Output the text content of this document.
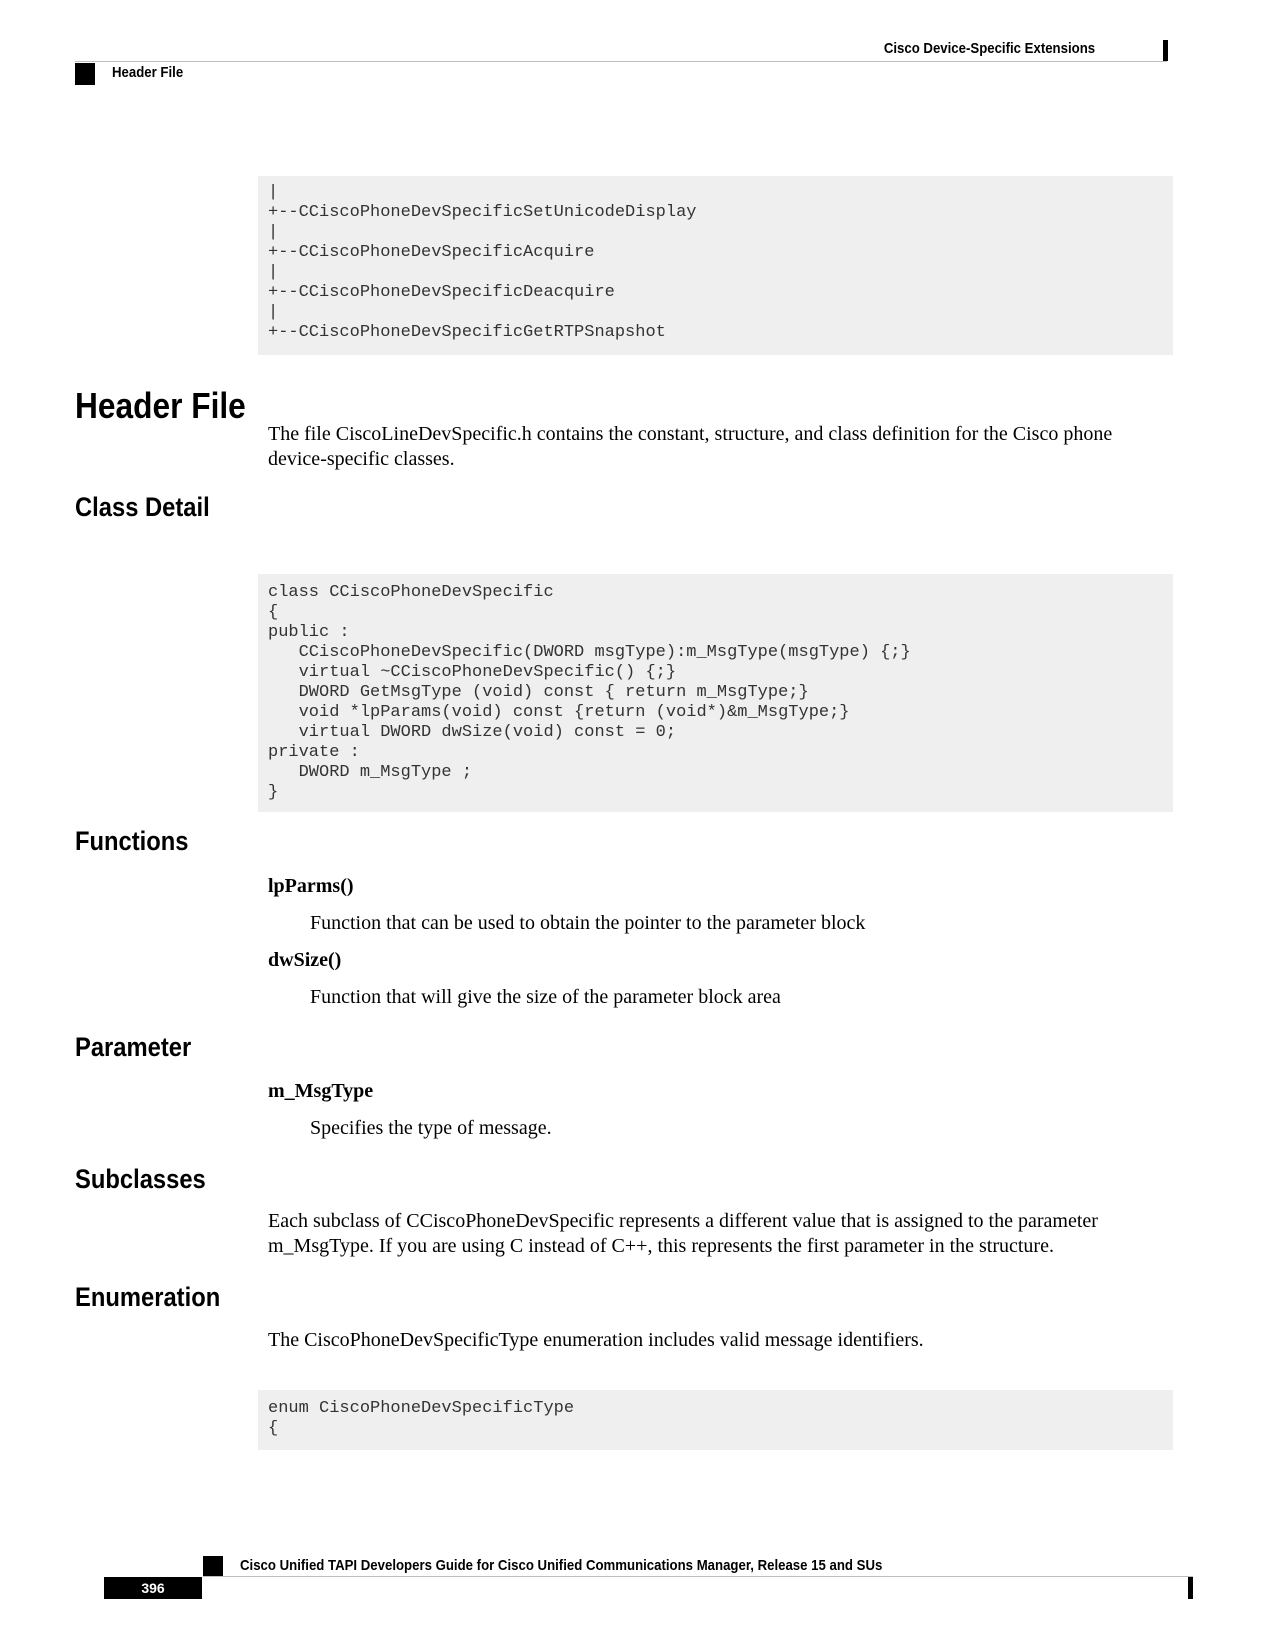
Cisco Device-Specific Extensions
Header File
|
+--CCiscoPhoneDevSpecificSetUnicodeDisplay
|
+--CCiscoPhoneDevSpecificAcquire
|
+--CCiscoPhoneDevSpecificDeacquire
|
+--CCiscoPhoneDevSpecificGetRTPSnapshot
Header File

The file CiscoLineDevSpecific.h contains the constant, structure, and class definition for the Cisco phone device-specific classes.

Class Detail
class CCiscoPhoneDevSpecific
{
public :
CCiscoPhoneDevSpecific(DWORD msgType):m_MsgType(msgType) {;}
virtual ~CCiscoPhoneDevSpecific() {;}
DWORD GetMsgType (void) const { return m_MsgType;}
void *lpParams(void) const {return (void*)&m_MsgType;}
virtual DWORD dwSize(void) const = 0;
private :
DWORD m_MsgType ;
}
Functions

lpParms()

Function that can be used to obtain the pointer to the parameter block

dwSize()

Function that will give the size of the parameter block area

Parameter

m_MsgType

Specifies the type of message.

Subclasses

Each subclass of CCiscoPhoneDevSpecific represents a different value that is assigned to the parameter m_MsgType. If you are using C instead of C++, this represents the first parameter in the structure.

Enumeration

The CiscoPhoneDevSpecificType enumeration includes valid message identifiers.

enum CiscoPhoneDevSpecificType
{
Cisco Unified TAPI Developers Guide for Cisco Unified Communications Manager, Release 15 and SUs
396
